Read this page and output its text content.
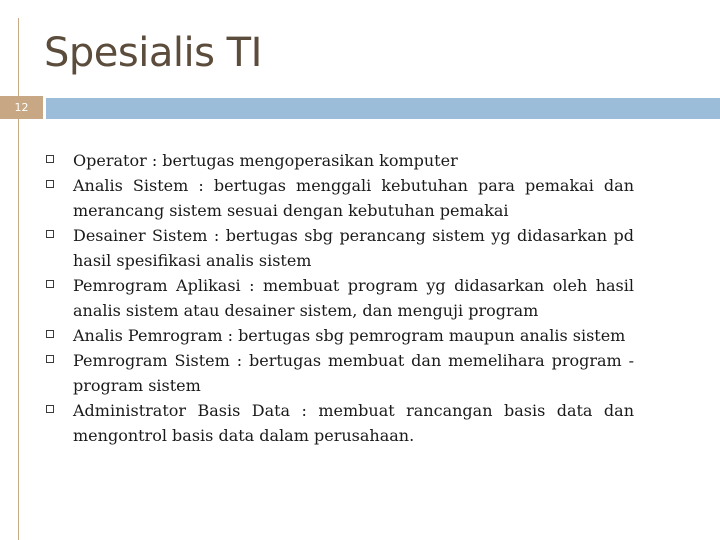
Spesialis TI
12
Operator : bertugas mengoperasikan komputer
Analis Sistem : bertugas menggali kebutuhan para pemakai dan merancang sistem sesuai dengan kebutuhan pemakai
Desainer Sistem : bertugas sbg perancang sistem yg didasarkan pd hasil spesifikasi analis sistem
Pemrogram Aplikasi : membuat program yg didasarkan oleh hasil analis sistem atau desainer sistem, dan menguji program
Analis Pemrogram : bertugas sbg pemrogram maupun analis sistem
Pemrogram Sistem : bertugas membuat dan memelihara program -program sistem
Administrator Basis Data : membuat rancangan basis data dan mengontrol basis data dalam perusahaan.
